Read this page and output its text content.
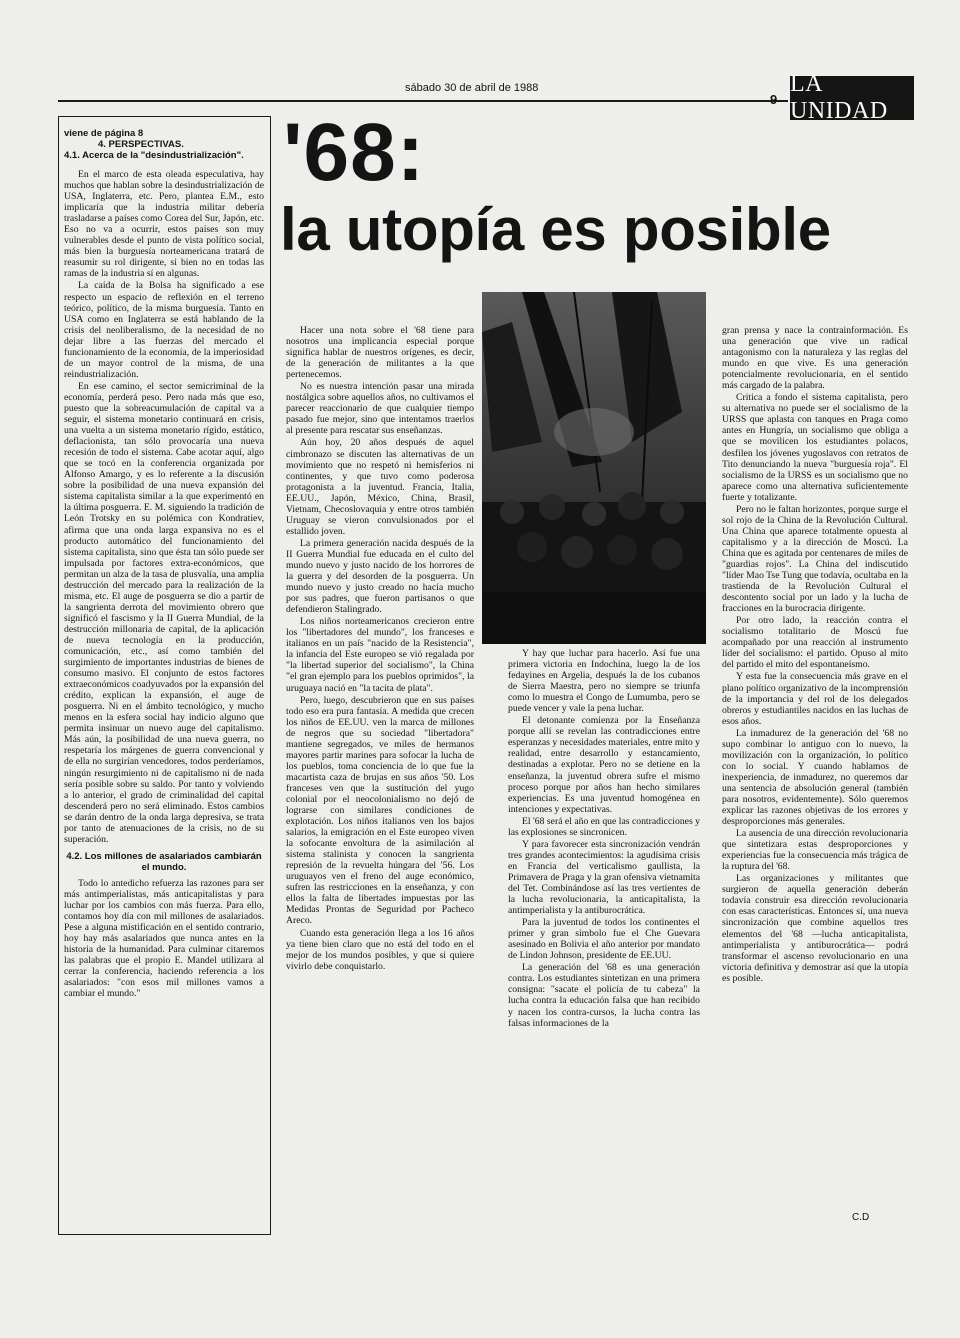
sábado 30 de abril de 1988
9
LA UNIDAD
viene de página 8
4. PERSPECTIVAS.
4.1. Acerca de la "desindustrialización".

En el marco de esta oleada especulativa, hay muchos que hablan sobre la desindustrialización de USA, Inglaterra, etc. Pero, plantea E.M., esto implicaría que la industria militar debería trasladarse a países como Corea del Sur, Japón, etc. Eso no va a ocurrir, estos países son muy vulnerables desde el punto de vista político social, más bien la burguesía norteamericana tratará de reasumir su rol dirigente, si bien no en todas las ramas de la industria sí en algunas.

La caída de la Bolsa ha significado a ese respecto un espacio de reflexión en el terreno teórico, político, de la misma burguesía. Tanto en USA como en Inglaterra se está hablando de la crisis del neoliberalismo, de la necesidad de no dejar libre a las fuerzas del mercado el funcionamiento de la economía, de la imperiosidad de un mayor control de la misma, de una reindustrialización.

En ese camino, el sector semicriminal de la economía, perderá peso. Pero nada más que eso, puesto que la sobreacumulación de capital va a seguir, el sistema monetario continuará en crisis, una vuelta a un sistema monetario rígido, estático, deflacionista, tan sólo provocaría una nueva recesión de todo el sistema. Cabe acotar aquí, algo que se tocó en la conferencia organizada por Alfonso Amargo, y es lo referente a la discusión sobre la posibilidad de una nueva expansión del sistema capitalista similar a la que experimentó en la última posguerra. E. M. siguiendo la tradición de León Trotsky en su polémica con Kondratiev, afirma que una onda larga expansiva no es el producto automático del funcionamiento del sistema capitalista, sino que ésta tan sólo puede ser impulsada por factores extra-económicos, que permitan un alza de la tasa de plusvalía, una amplia destrucción del mercado para la realización de la misma, etc. El auge de posguerra se dio a partir de la sangrienta derrota del movimiento obrero que significó el fascismo y la II Guerra Mundial, de la destrucción millonaria de capital, de la aplicación de nueva tecnología en la producción, comunicación, etc., así como también del surgimiento de importantes industrias de bienes de consumo masivo. El conjunto de estos factores extraeconómicos coadyuvados por la expansión del crédito, explican la expansión, el auge de posguerra. Ni en el ámbito tecnológico, y mucho menos en la esfera social hay indicio alguno que permita insinuar un nuevo auge del capitalismo. Más aún, la posibilidad de una nueva guerra, no respetaría los márgenes de guerra convencional y de ella no surgirían vencedores, todos perderíamos, ningún resurgimiento ni de capitalismo ni de nada sería posible sobre su saldo. Por tanto y volviendo a lo anterior, el grado de criminalidad del capital descenderá pero no será eliminado. Estos cambios se darán dentro de la onda larga depresiva, se trata por tanto de atenuaciones de la crisis, no de su superación.

4.2. Los millones de asalariados cambiarán el mundo.

Todo lo antedicho refuerza las razones para ser más antimperialistas, más anticapitalistas y para luchar por los cambios con más fuerza. Para ello, contamos hoy día con mil millones de asalariados. Pese a alguna mistificación en el sentido contrario, hoy hay más asalariados que nunca antes en la historia de la humanidad. Para culminar citaremos las palabras que el propio E. Mandel utilizara al cerrar la conferencia, haciendo referencia a los asalariados: "con esos mil millones vamos a cambiar el mundo."

'68:
la utopía es posible

Hacer una nota sobre el '68 tiene para nosotros una implicancia especial porque significa hablar de nuestros orígenes, es decir, de la generación de militantes a la que pertenecemos.

No es nuestra intención pasar una mirada nostálgica sobre aquellos años, no cultivamos el parecer reaccionario de que cualquier tiempo pasado fue mejor, sino que intentamos traerlos al presente para rescatar sus enseñanzas.

Aún hoy, 20 años después de aquel cimbronazo se discuten las alternativas de un movimiento que no respetó ni hemisferios ni continentes, y que tuvo como poderosa protagonista a la juventud. Francia, Italia, EE.UU., Japón, México, China, Brasil, Vietnam, Checoslovaquia y entre otros también Uruguay se vieron convulsionados por el estallido joven.

La primera generación nacida después de la II Guerra Mundial fue educada en el culto del mundo nuevo y justo nacido de los horrores de la guerra y del desorden de la posguerra. Un mundo nuevo y justo creado no hacía mucho por sus padres, que fueron partisanos o que defendieron Stalingrado.

Los niños norteamericanos crecieron entre los "libertadores del mundo", los franceses e italianos en un país "nacido de la Resistencia", la infancia del Este europeo se vió regalada por "la libertad superior del socialismo", la China "el gran ejemplo para los pueblos oprimidos", la uruguaya nació en "la tacita de plata".

Pero, luego, descubrieron que en sus países todo eso era pura fantasía. A medida que crecen los niños de EE.UU. ven la marca de millones de negros que su sociedad "libertadora" mantiene segregados, ve miles de hermanos mayores partir marines para sofocar la lucha de los pueblos, toma conciencia de lo que fue la macartista caza de brujas en sus años '50. Los franceses ven que la sustitución del yugo colonial por el neocolonialismo no dejó de lograrse con similares condiciones de explotación. Los niños italianos ven los bajos salarios, la emigración en el Este europeo viven la sofocante envoltura de la asimilación al sistema stalinista y conocen la sangrienta represión de la revuelta húngara del '56. Los uruguayos ven el freno del auge económico, sufren las restricciones en la enseñanza, y con ellos la falta de libertades impuestas por las Medidas Prontas de Seguridad por Pacheco Areco.

Cuando esta generación llega a los 16 años ya tiene bien claro que no está del todo en el mejor de los mundos posibles, y que si quiere vivirlo debe conquistarlo.

Y hay que luchar para hacerlo. Así fue una primera victoria en Indochina, luego la de los fedayines en Argelia, después la de los cubanos de Sierra Maestra, pero no siempre se triunfa como lo muestra el Congo de Lumumba, pero se puede vencer y vale la pena luchar.

El detonante comienza por la Enseñanza porque allí se revelan las contradicciones entre esperanzas y necesidades materiales, entre mito y realidad, entre desarrollo y estancamiento, destinadas a explotar. Pero no se detiene en la enseñanza, la juventud obrera sufre el mismo proceso porque por años han hecho similares experiencias. Es una juventud homogénea en intenciones y expectativas.

El '68 será el año en que las contradicciones y las explosiones se sincronicen.

Y para favorecer esta sincronización vendrán tres grandes acontecimientos: la agudísima crisis en Francia del verticalismo gaullista, la Primavera de Praga y la gran ofensiva vietnamita del Tet. Combinándose así las tres vertientes de la lucha revolucionaria, la anticapitalista, la antimperialista y la antiburocrática.

Para la juventud de todos los continentes el primer y gran símbolo fue el Che Guevara asesinado en Bolivia el año anterior por mandato de Lindon Johnson, presidente de EE.UU.

La generación del '68 es una generación contra. Los estudiantes sintetizan en una primera consigna: "sacate el policía de tu cabeza" la lucha contra la educación falsa que han recibido y nacen los contra-cursos, la lucha contra las falsas informaciones de la

gran prensa y nace la contrainformación. Es una generación que vive un radical antagonismo con la naturaleza y las reglas del mundo en que vive. Es una generación potencialmente revolucionaria, en el sentido más cargado de la palabra.

Critica a fondo el sistema capitalista, pero su alternativa no puede ser el socialismo de la URSS que aplasta con tanques en Praga como antes en Hungría, un socialismo que obliga a que se movilicen los estudiantes polacos, desfilen los jóvenes yugoslavos con retratos de Tito denunciando la nueva "burguesía roja". El socialismo de la URSS es un socialismo que no aparece como una alternativa suficientemente fuerte y totalizante.

Pero no le faltan horizontes, porque surge el sol rojo de la China de la Revolución Cultural. Una China que aparece totalmente opuesta al capitalismo y a la dirección de Moscú. La China que es agitada por centenares de miles de "guardias rojos". La China del indiscutido "líder Mao Tse Tung que todavía, ocultaba en la trastienda de la Revolución Cultural el descontento social por un lado y la lucha de fracciones en la burocracia dirigente.

Por otro lado, la reacción contra el socialismo totalitario de Moscú fue acompañado por una reacción al instrumento líder del socialismo: el partido. Opuso al mito del partido el mito del espontaneísmo.

Y esta fue la consecuencia más grave en el plano político organizativo de la incomprensión de la importancia y del rol de los delegados obreros y estudiantiles nacidos en las luchas de esos años.

La inmadurez de la generación del '68 no supo combinar lo antiguo con lo nuevo, la movilización con la organización, lo político con lo social. Y cuando hablamos de inexperiencia, de inmadurez, no queremos dar una sentencia de absolución general (también para nosotros, evidentemente). Sólo queremos explicar las razones objetivas de los errores y desproporciones más generales.

La ausencia de una dirección revolucionaria que sintetizara estas desproporciones y experiencias fue la consecuencia más trágica de la ruptura del '68.

Las organizaciones y militantes que surgieron de aquella generación deberán todavía construir esa dirección revolucionaria con esas características. Entonces sí, una nueva sincronización que combine aquellos tres elementos del '68 —lucha anticapitalista, antimperialista y antiburocrática— podrá transformar el ascenso revolucionario en una victoria definitiva y demostrar así que la utopía es posible.

C.D
